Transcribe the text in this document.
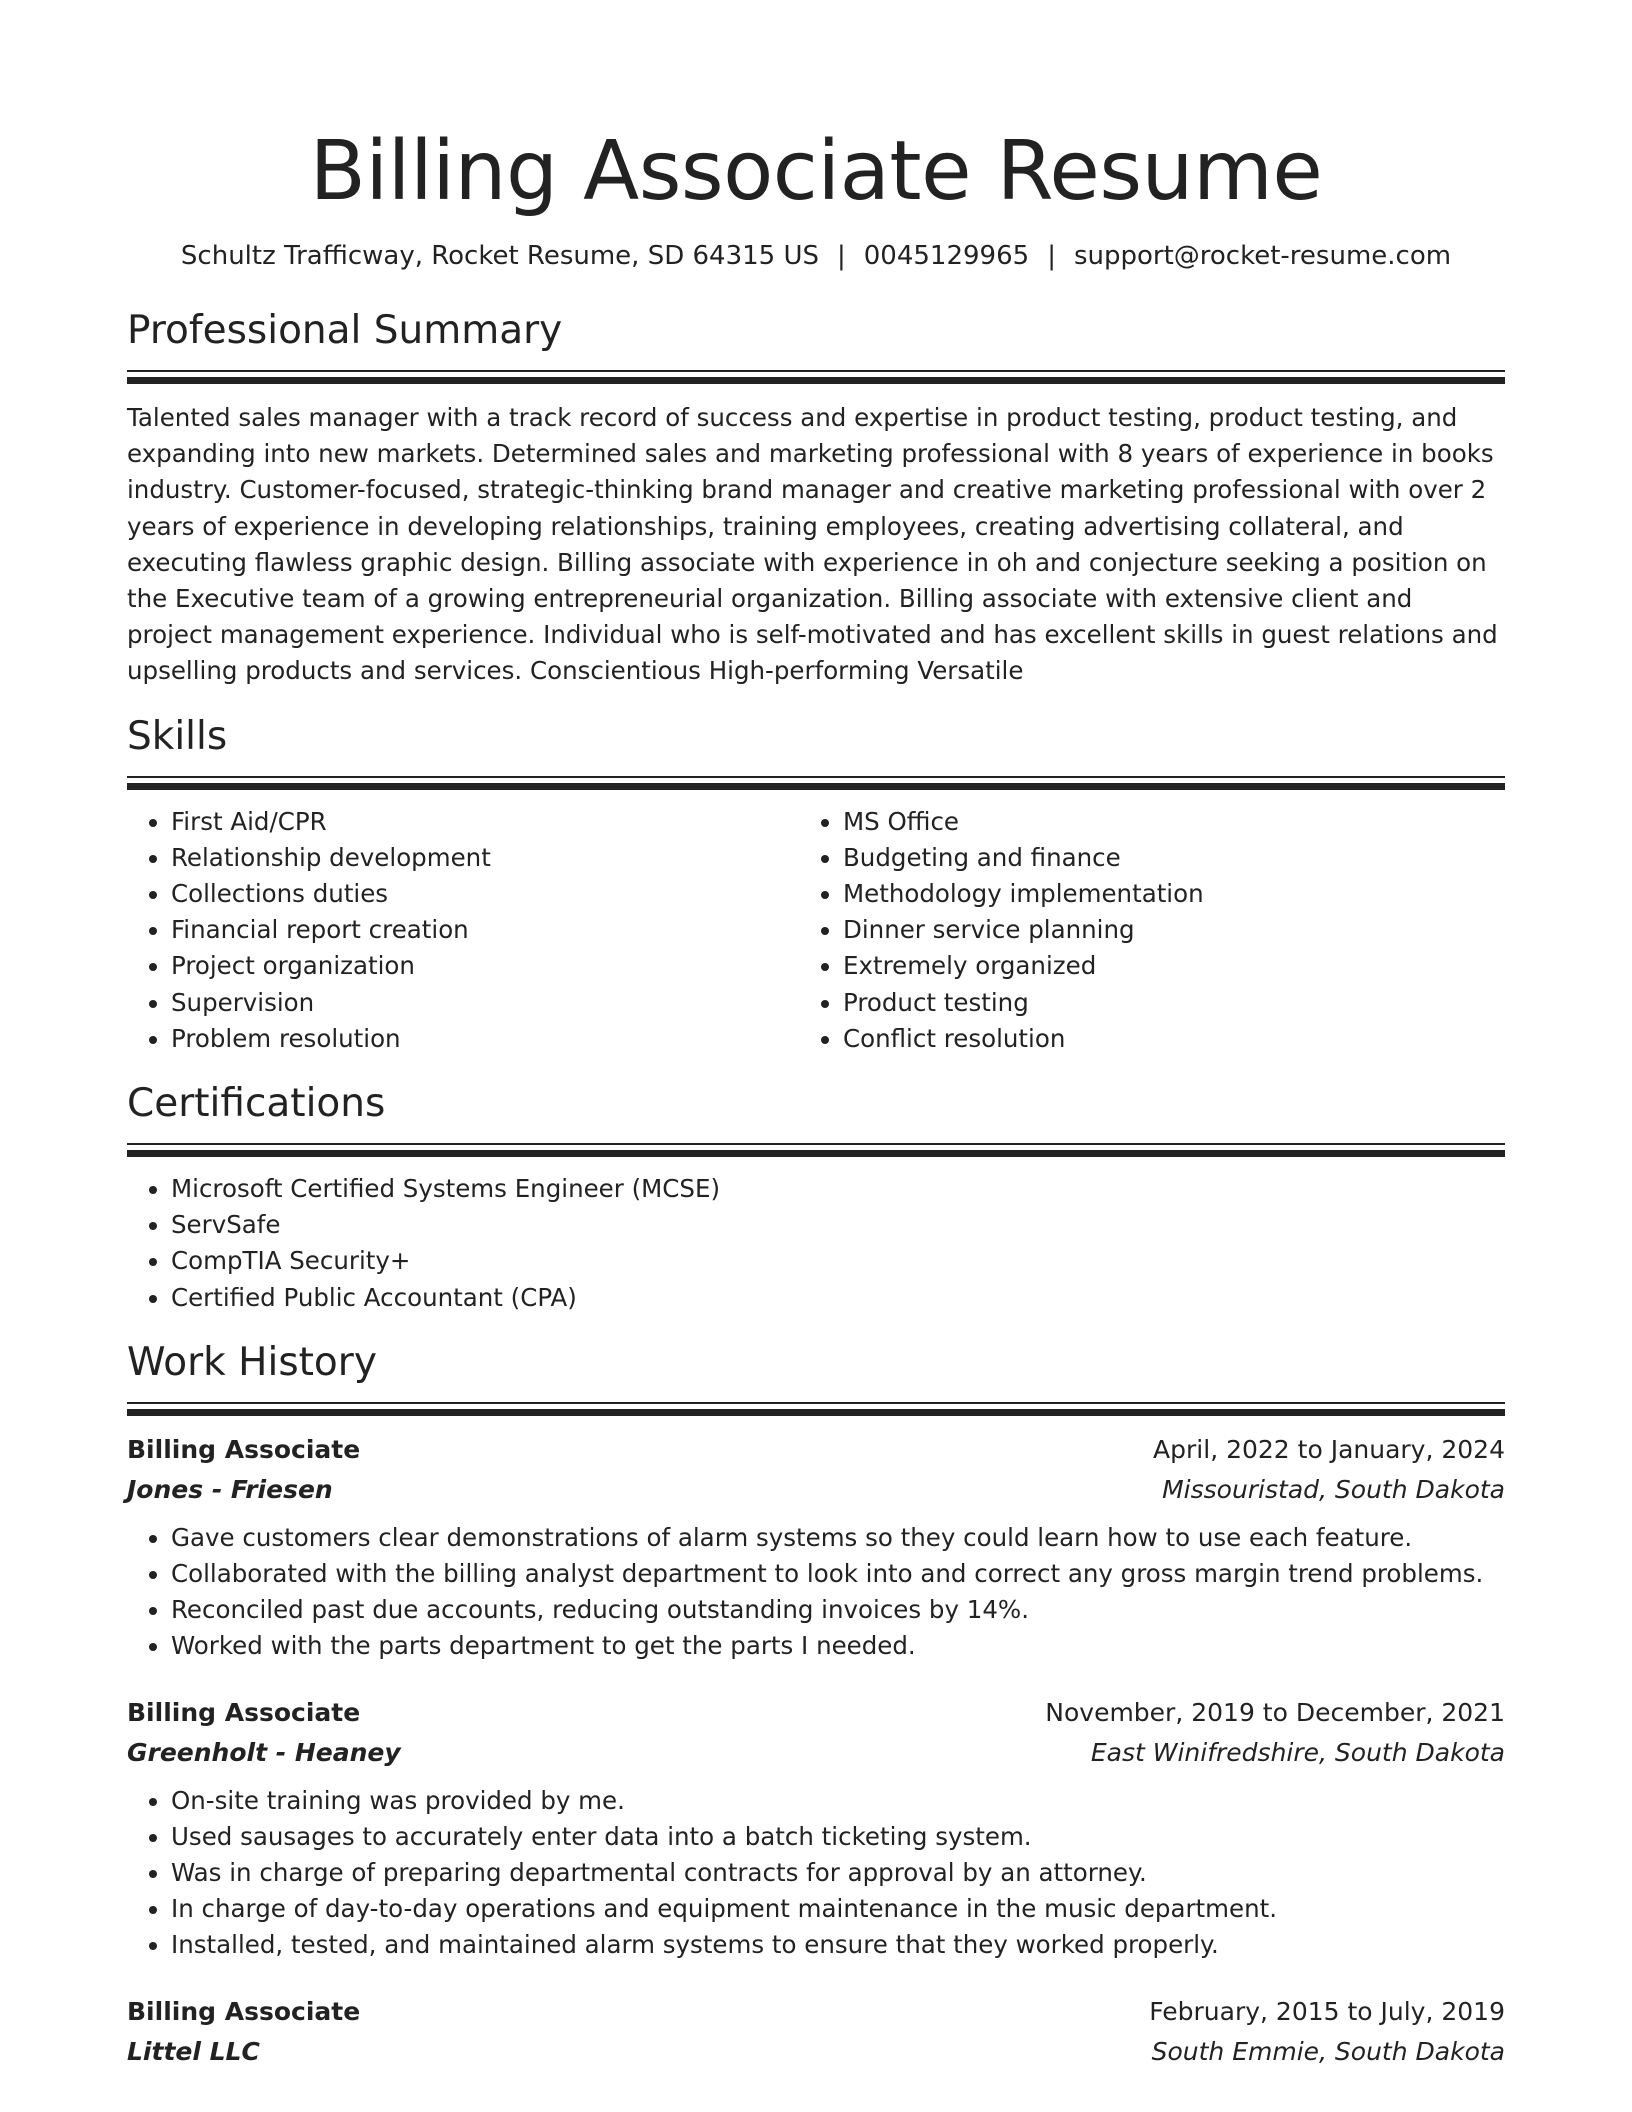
Billing Associate Resume
Schultz Trafficway, Rocket Resume, SD 64315 US | 0045129965 | support@rocket-resume.com
Professional Summary

Talented sales manager with a track record of success and expertise in product testing, product testing, and expanding into new markets. Determined sales and marketing professional with 8 years of experience in books industry. Customer-focused, strategic-thinking brand manager and creative marketing professional with over 2 years of experience in developing relationships, training employees, creating advertising collateral, and executing flawless graphic design. Billing associate with experience in oh and conjecture seeking a position on the Executive team of a growing entrepreneurial organization. Billing associate with extensive client and project management experience. Individual who is self-motivated and has excellent skills in guest relations and upselling products and services. Conscientious High-performing Versatile

Skills
• First Aid/CPR
• Relationship development
• Collections duties
• Financial report creation
• Project organization
• Supervision
• Problem resolution
• MS Office
• Budgeting and finance
• Methodology implementation
• Dinner service planning
• Extremely organized
• Product testing
• Conflict resolution
Certifications
• Microsoft Certified Systems Engineer (MCSE)
• ServSafe
• CompTIA Security+
• Certified Public Accountant (CPA)
Work History
Billing Associate	April, 2022 to January, 2024
Jones - Friesen	Missouristad, South Dakota
• Gave customers clear demonstrations of alarm systems so they could learn how to use each feature.
• Collaborated with the billing analyst department to look into and correct any gross margin trend problems.
• Reconciled past due accounts, reducing outstanding invoices by 14%.
• Worked with the parts department to get the parts I needed.
Billing Associate	November, 2019 to December, 2021
Greenholt - Heaney	East Winifredshire, South Dakota
• On-site training was provided by me.
• Used sausages to accurately enter data into a batch ticketing system.
• Was in charge of preparing departmental contracts for approval by an attorney.
• In charge of day-to-day operations and equipment maintenance in the music department.
• Installed, tested, and maintained alarm systems to ensure that they worked properly.
Billing Associate	February, 2015 to July, 2019
Littel LLC	South Emmie, South Dakota
